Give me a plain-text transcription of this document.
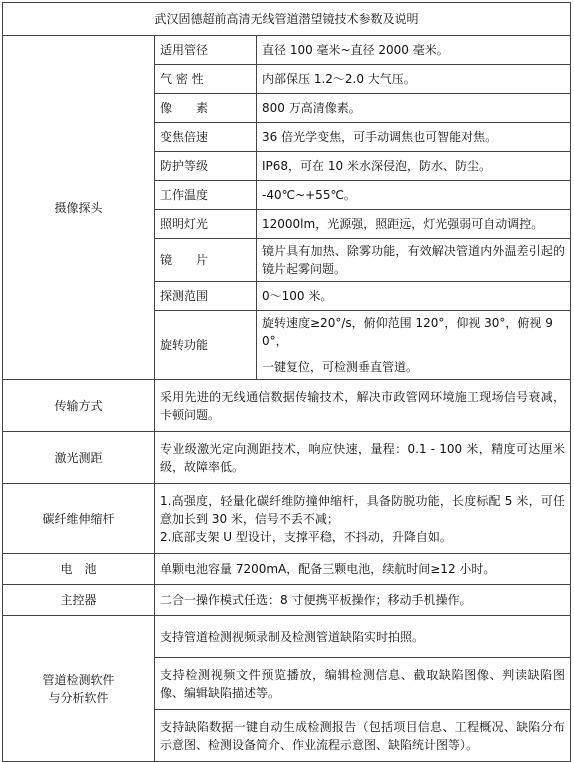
武汉固德超前高清无线管道潜望镜技术参数及说明		
摄像探头	适用管径	直径 100 毫米~直径 2000 毫米。
	气 密 性	内部保压 1.2～2.0 大气压。
	像　　素	800 万高清像素。
	变焦倍速	36 倍光学变焦，可手动调焦也可智能对焦。
	防护等级	IP68，可在 10 米水深侵泡，防水、防尘。
	工作温度	-40℃~+55℃。
	照明灯光	12000lm，光源强，照距远，灯光强弱可自动调控。
	镜　　片	镜片具有加热、除雾功能，有效解决管道内外温差引起的镜片起雾问题。
	探测范围	0～100 米。
	旋转功能	旋转速度≥20°/s，俯仰范围 120°，仰视 30°，俯视 90°，
一键复位，可检测垂直管道。

传输方式	采用先进的无线通信数据传输技术，解决市政管网环境施工现场信号衰减，卡顿问题。	
激光测距	专业级激光定向测距技术，响应快速，量程：0.1 - 100 米，精度可达厘米级，故障率低。	
碳纤维伸缩杆	1.高强度，轻量化碳纤维防撞伸缩杆，具备防脱功能，长度标配 5 米，可任意加长到 30 米，信号不丢不减；
2.底部支架 U 型设计，支撑平稳，不抖动，升降自如。	

电　池	单颗电池容量 7200mA，配备三颗电池，续航时间≥12 小时。	
主控器	二合一操作模式任选：8 寸便携平板操作；移动手机操作。	

管道检测软件
与分析软件	支持管道检测视频录制及检测管道缺陷实时拍照。	
	支持检测视频文件预览播放，编辑检测信息、截取缺陷图像、判读缺陷图像、编辑缺陷描述等。	
	支持缺陷数据一键自动生成检测报告（包括项目信息、工程概况、缺陷分布示意图、检测设备简介、作业流程示意图、缺陷统计图等）。	
